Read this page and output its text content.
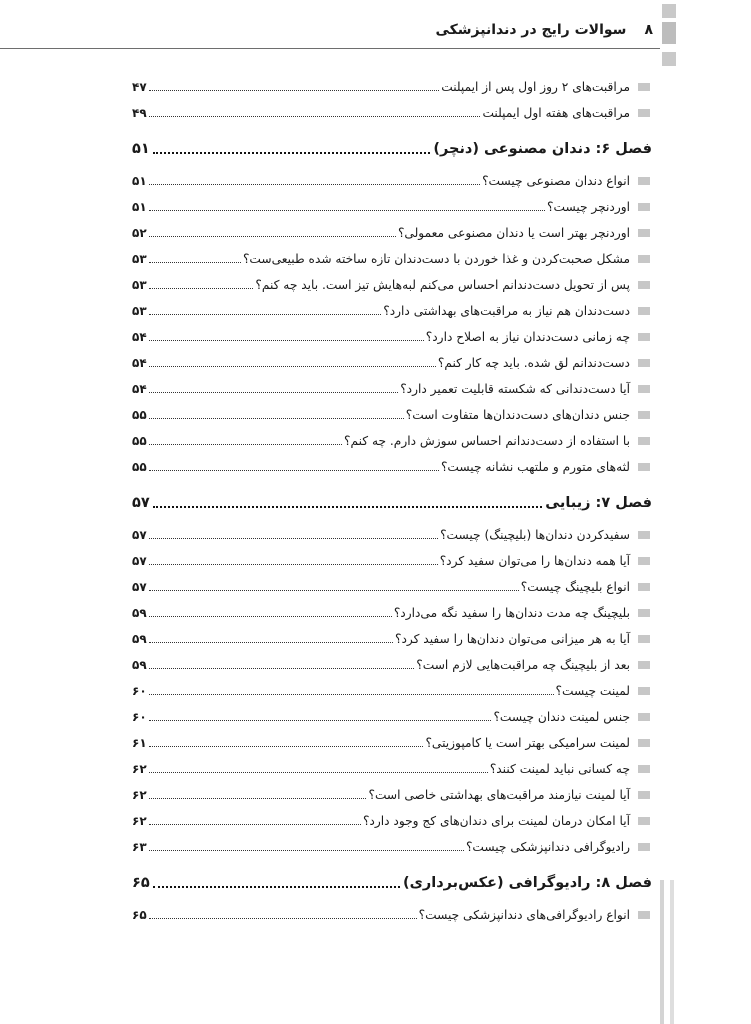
۸
سوالات رایج در دندانپزشکی
مراقبت‌های ۲ روز اول پس از ایمپلنت
۴۷
مراقبت‌های هفته اول ایمپلنت
۴۹
فصل ۶: دندان مصنوعی (دنچر)
۵۱
انواع دندان مصنوعی چیست؟
۵۱
اوردنچر چیست؟
۵۱
اوردنچر بهتر است یا دندان مصنوعی معمولی؟
۵۲
مشکل صحبت‌کردن و غذا خوردن با دست‌دندان تازه ساخته شده طبیعی‌ست؟
۵۳
پس از تحویل دست‌دندانم احساس می‌کنم لبه‌هایش تیز است. باید چه کنم؟
۵۳
دست‌دندان هم نیاز به مراقبت‌های بهداشتی دارد؟
۵۳
چه زمانی دست‌دندان نیاز به اصلاح دارد؟
۵۴
دست‌دندانم لق شده. باید چه کار کنم؟
۵۴
آیا دست‌دندانی که شکسته قابلیت تعمیر دارد؟
۵۴
جنس دندان‌های دست‌دندان‌ها متفاوت است؟
۵۵
با استفاده از دست‌دندانم احساس سوزش دارم. چه کنم؟
۵۵
لثه‌های متورم و ملتهب نشانه چیست؟
۵۵
فصل ۷: زیبایی
۵۷
سفیدکردن دندان‌ها (بلیچینگ) چیست؟
۵۷
آیا همه دندان‌ها را می‌توان سفید کرد؟
۵۷
انواع بلیچینگ چیست؟
۵۷
بلیچینگ چه مدت دندان‌ها را سفید نگه می‌دارد؟
۵۹
آیا به هر میزانی می‌توان دندان‌ها را سفید کرد؟
۵۹
بعد از بلیچینگ چه مراقبت‌هایی لازم است؟
۵۹
لمینت چیست؟
۶۰
جنس لمینت دندان چیست؟
۶۰
لمینت سرامیکی بهتر است یا کامپوزیتی؟
۶۱
چه کسانی نباید لمینت کنند؟
۶۲
آیا لمینت نیازمند مراقبت‌های بهداشتی خاصی است؟
۶۲
آیا امکان درمان لمینت برای دندان‌های کج وجود دارد؟
۶۲
رادیوگرافی دندانپزشکی چیست؟
۶۳
فصل ۸: رادیوگرافی (عکس‌برداری)
۶۵
انواع رادیوگرافی‌های دندانپزشکی چیست؟
۶۵
